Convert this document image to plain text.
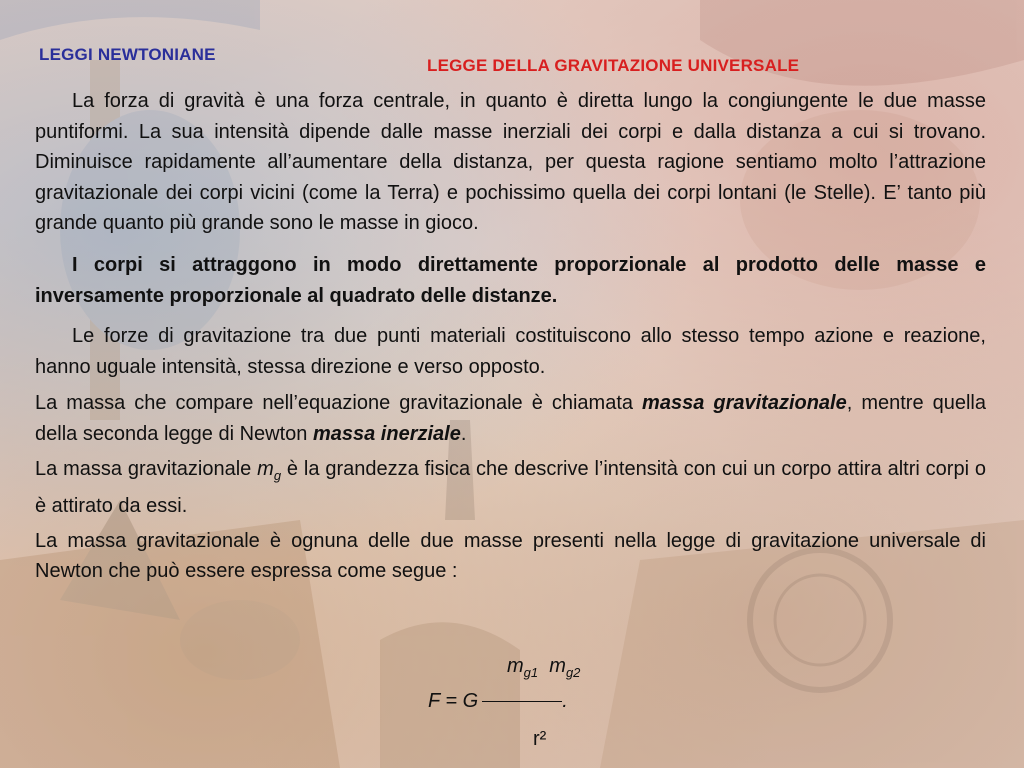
LEGGI NEWTONIANE
LEGGE DELLA GRAVITAZIONE UNIVERSALE

La forza di gravità è una forza centrale, in quanto è diretta lungo la congiungente le due masse puntiformi. La sua intensità dipende dalle masse inerziali dei corpi e dalla distanza a cui si trovano. Diminuisce rapidamente all’aumentare della distanza, per questa ragione sentiamo molto l’attrazione gravitazionale dei corpi vicini (come la Terra) e pochissimo quella dei corpi lontani (le Stelle). E’ tanto più grande quanto più grande sono le masse in gioco.

I corpi si attraggono in modo direttamente proporzionale al prodotto delle masse e inversamente proporzionale al quadrato delle distanze.

Le forze di gravitazione tra due punti materiali costituiscono allo stesso tempo azione e reazione, hanno uguale intensità, stessa direzione e verso opposto.

La massa che compare nell’equazione gravitazionale è chiamata massa gravitazionale, mentre quella della seconda legge di Newton massa inerziale.

La massa gravitazionale $m_g$ è la grandezza fisica che descrive l’intensità con cui un corpo attira altri corpi o è attirato da essi.

La massa gravitazionale è ognuna delle due masse presenti nella legge di gravitazione universale di Newton che può essere espressa come segue :

$m_{g1}$ $m_{g2}$
F = G	.
r²
